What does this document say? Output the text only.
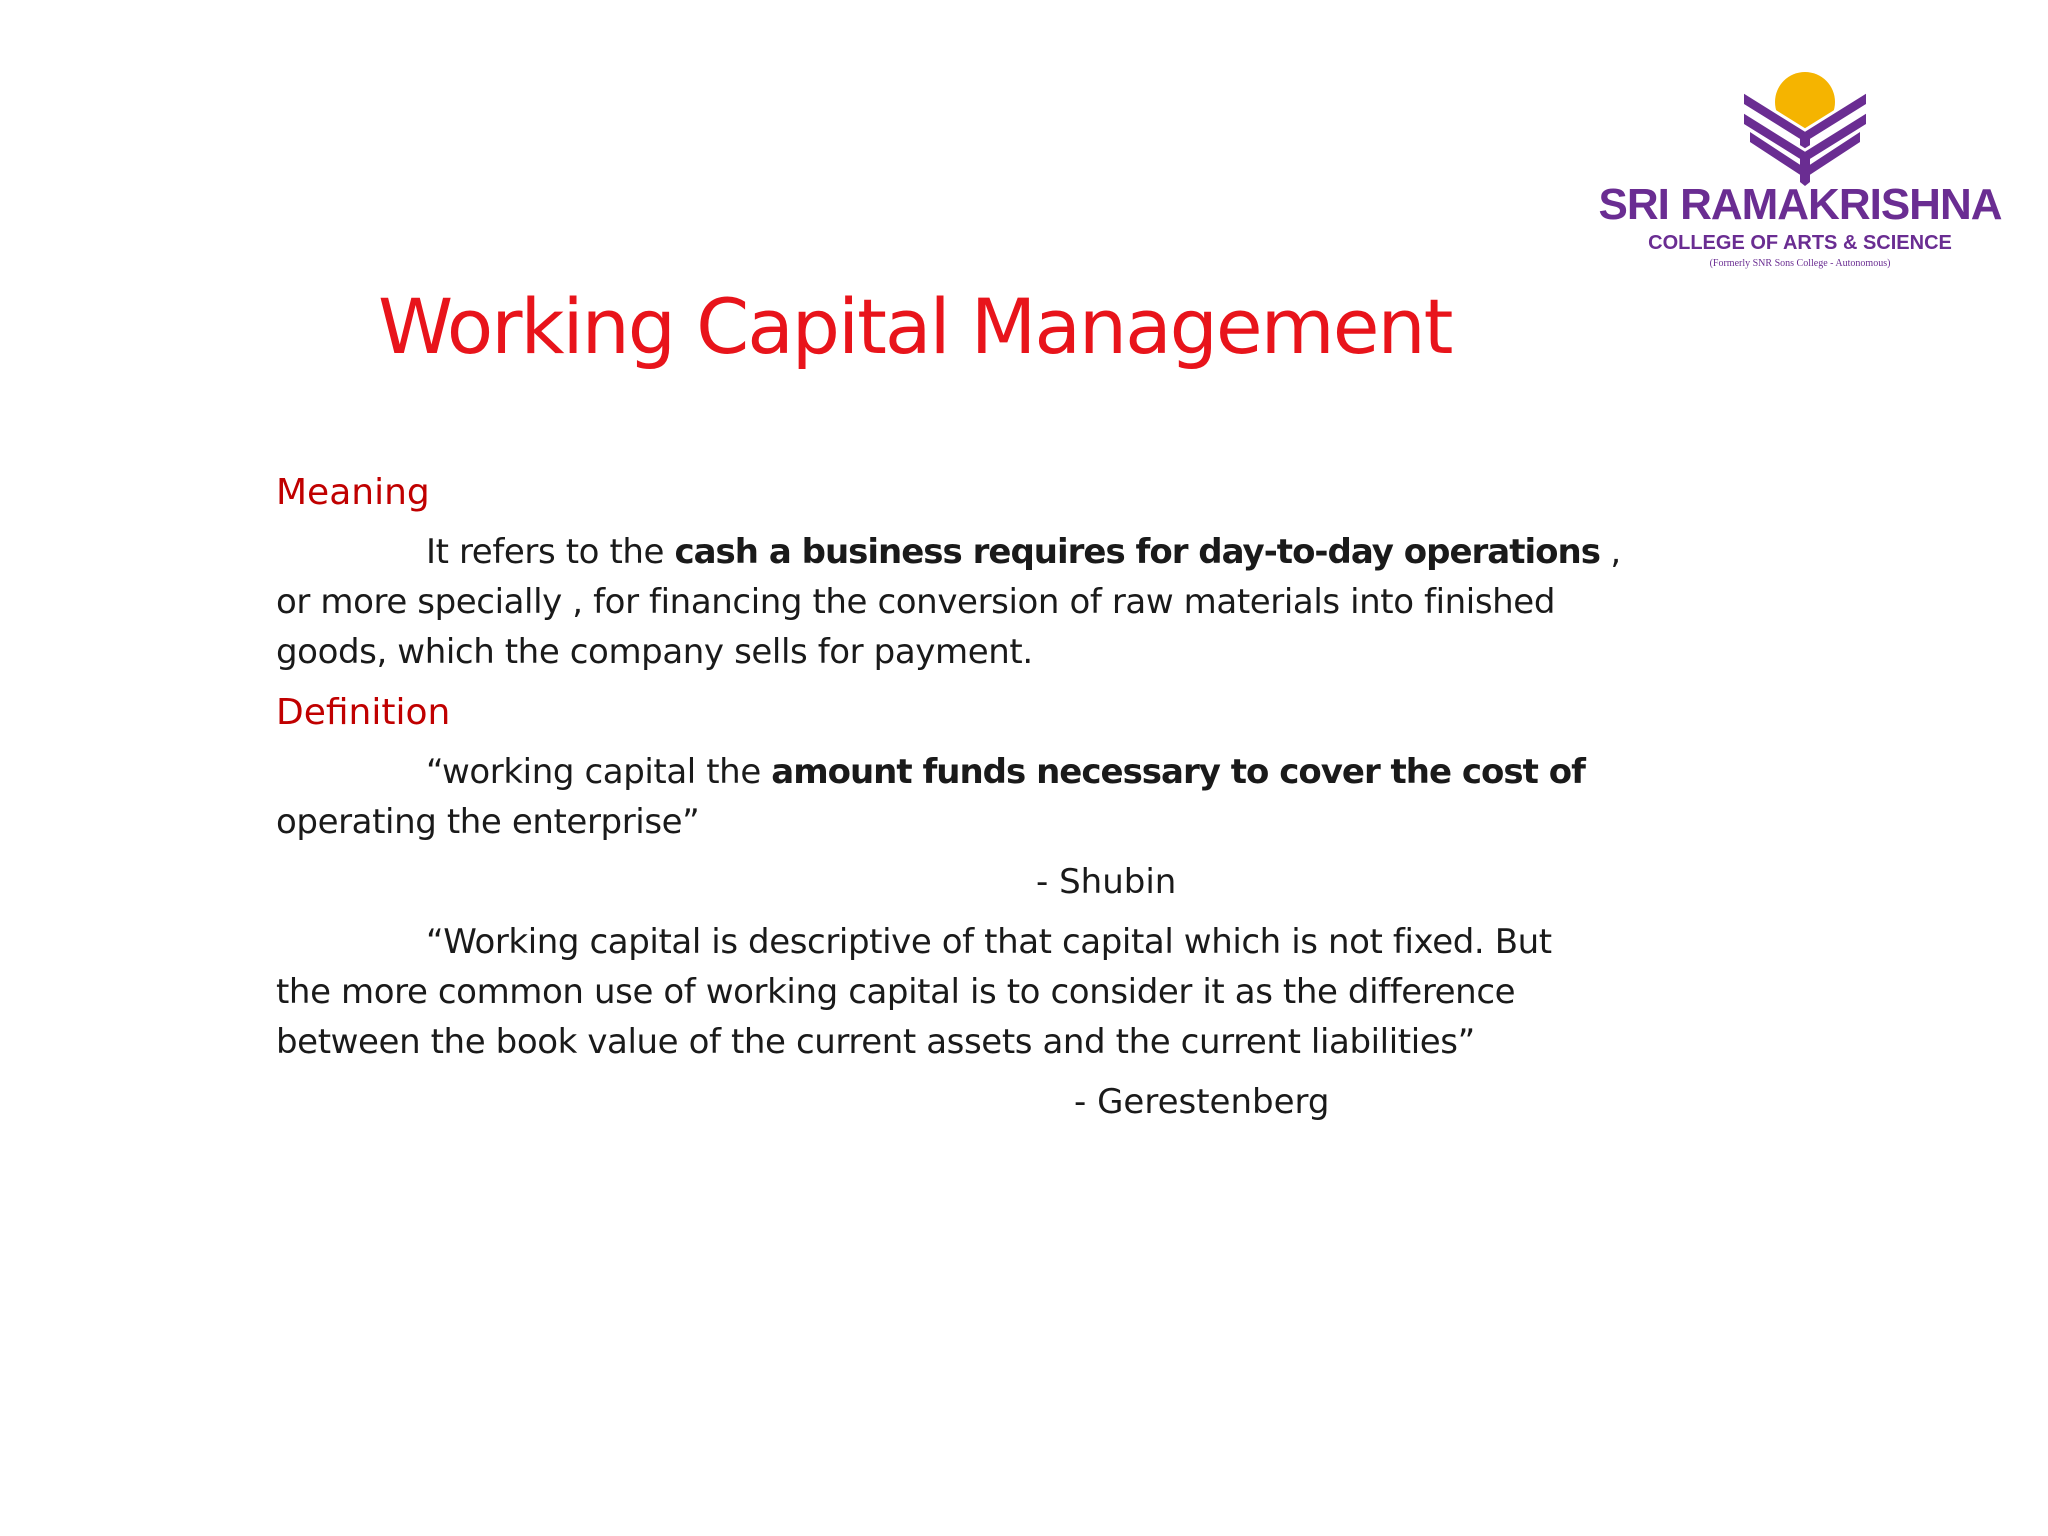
SRI RAMAKRISHNA
COLLEGE OF ARTS & SCIENCE
(Formerly SNR Sons College - Autonomous)
Working Capital Management
Meaning
It refers to the cash a business requires for day-to-day operations ,
or more specially , for financing the conversion of raw materials into finished
goods, which the company sells for payment.
Definition
“working capital the amount funds necessary to cover the cost of
operating the enterprise”
- Shubin
“Working capital is descriptive of that capital which is not fixed. But
the more common use of working capital is to consider it as the difference
between the book value of the current assets and the current liabilities”
- Gerestenberg
